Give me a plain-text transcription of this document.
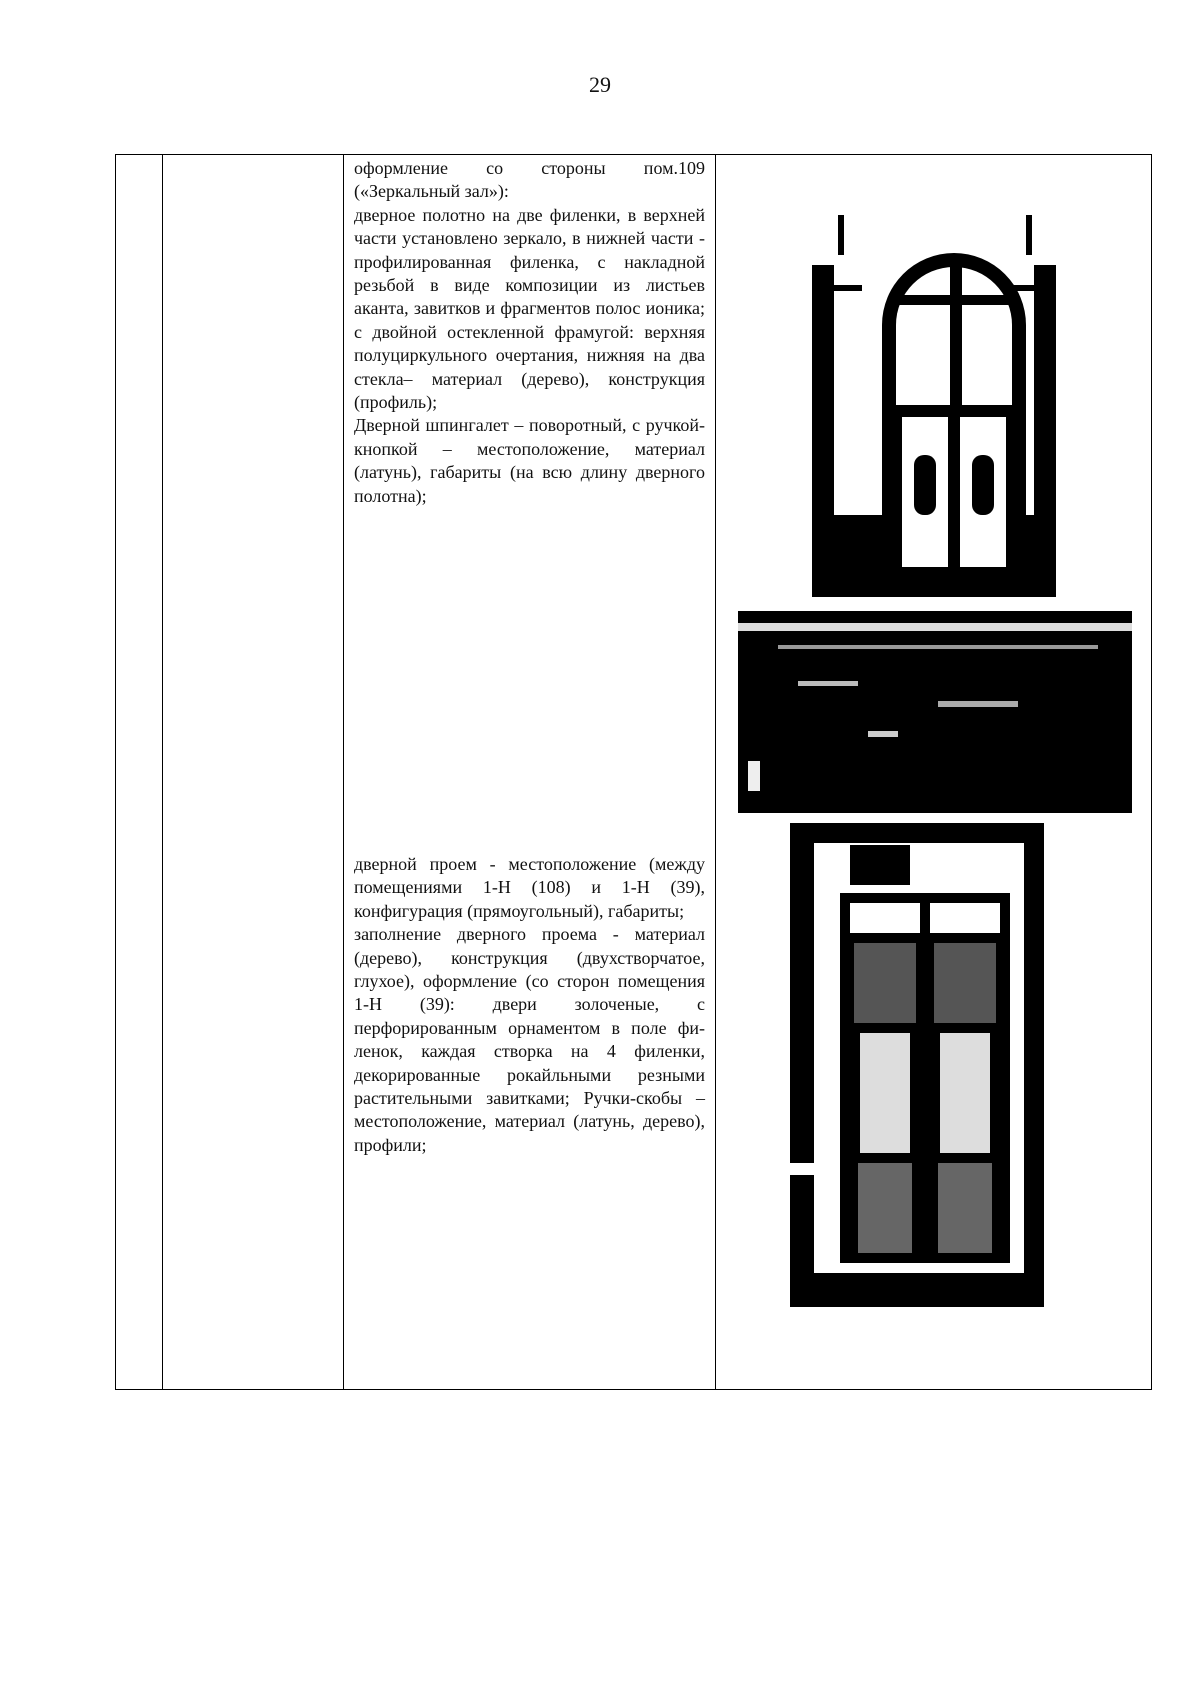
29

оформление со стороны пом.109 («Зеркальный зал»):

дверное полотно на две филенки, в верхней части установлено зеркало, в нижней части - профилированная филенка, с накладной резьбой в виде композиции из листьев аканта, завитков и фрагментов полос ионика; с двойной остекленной фрамугой: верхняя полуциркульного очертания, нижняя на два стекла– материал (дерево), конструкция (профиль);

Дверной шпингалет – поворотный, с ручкой-кнопкой – местоположение, материал (латунь), габариты (на всю длину дверного полотна);

дверной проем - местоположение (между помещениями 1-Н (108) и 1-Н (39), конфигурация (прямоугольный), габариты;

заполнение дверного проема - материал (дерево), конструкция (двухстворчатое, глухое), оформление (со сторон помещения 1-Н (39): двери золоченые, с перфорированным орнаментом в поле фи-ленок, каждая створка на 4 филенки, декорированные рокайльными резными растительными завитками; Ручки-скобы – местоположение, материал (латунь, дерево), профили;
